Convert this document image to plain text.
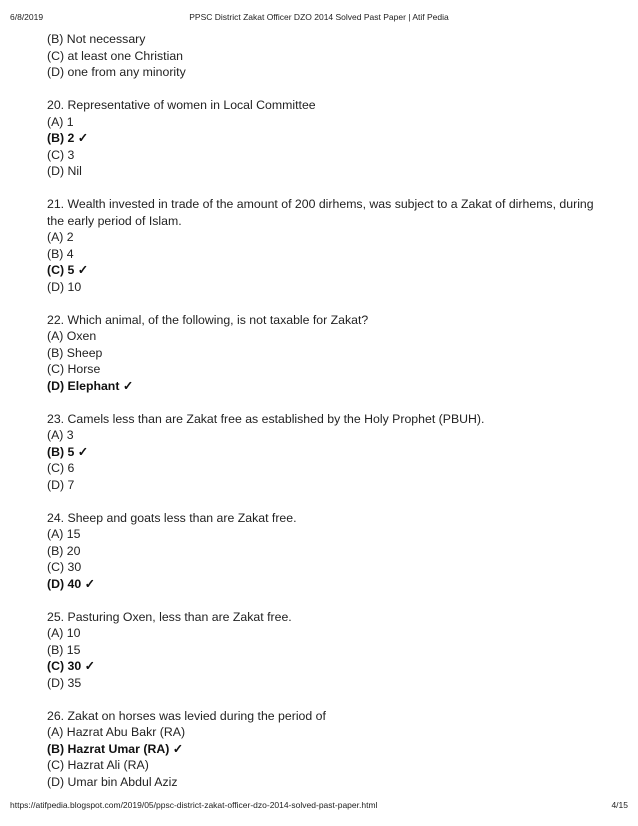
6/8/2019	PPSC District Zakat Officer DZO 2014 Solved Past Paper | Atif Pedia
(B) Not necessary
(C) at least one Christian
(D) one from any minority
20. Representative of women in Local Committee
(A) 1
(B) 2 ✓
(C) 3
(D) Nil
21. Wealth invested in trade of the amount of 200 dirhems, was subject to a Zakat of dirhems, during the early period of Islam.
(A) 2
(B) 4
(C) 5 ✓
(D) 10
22. Which animal, of the following, is not taxable for Zakat?
(A) Oxen
(B) Sheep
(C) Horse
(D) Elephant ✓
23. Camels less than are Zakat free as established by the Holy Prophet (PBUH).
(A) 3
(B) 5 ✓
(C) 6
(D) 7
24. Sheep and goats less than are Zakat free.
(A) 15
(B) 20
(C) 30
(D) 40 ✓
25. Pasturing Oxen, less than are Zakat free.
(A) 10
(B) 15
(C) 30 ✓
(D) 35
26. Zakat on horses was levied during the period of
(A) Hazrat Abu Bakr (RA)
(B) Hazrat Umar (RA) ✓
(C) Hazrat Ali (RA)
(D) Umar bin Abdul Aziz
https://atifpedia.blogspot.com/2019/05/ppsc-district-zakat-officer-dzo-2014-solved-past-paper.html	4/15
